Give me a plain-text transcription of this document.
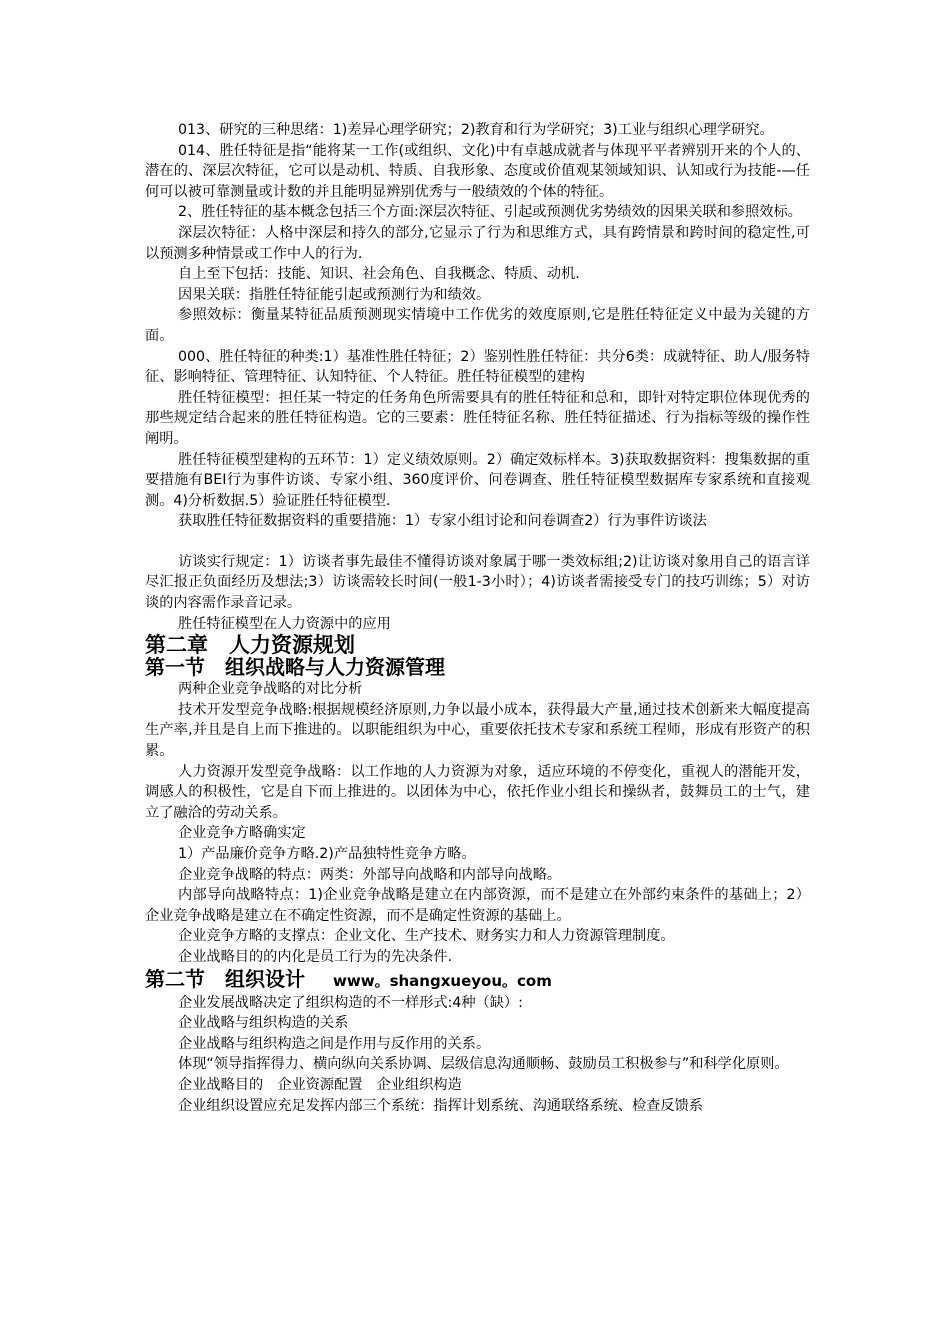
013、研究的三种思绪：1)差异心理学研究；2)教育和行为学研究；3)工业与组织心理学研究。

014、胜任特征是指“能将某一工作(或组织、文化)中有卓越成就者与体现平平者辨别开来的个人的、潜在的、深层次特征，它可以是动机、特质、自我形象、态度或价值观某领域知识、认知或行为技能-—任何可以被可靠测量或计数的并且能明显辨别优秀与一般绩效的个体的特征。

2、胜任特征的基本概念包括三个方面:深层次特征、引起或预测优劣势绩效的因果关联和参照效标。

深层次特征：人格中深层和持久的部分,它显示了行为和思维方式，具有跨情景和跨时间的稳定性,可以预测多种情景或工作中人的行为.

自上至下包括：技能、知识、社会角色、自我概念、特质、动机.

因果关联：指胜任特征能引起或预测行为和绩效。

参照效标：衡量某特征品质预测现实情境中工作优劣的效度原则,它是胜任特征定义中最为关键的方面。

000、胜任特征的种类:1）基准性胜任特征；2）鉴别性胜任特征：共分6类：成就特征、助人/服务特征、影响特征、管理特征、认知特征、个人特征。胜任特征模型的建构

胜任特征模型：担任某一特定的任务角色所需要具有的胜任特征和总和，即针对特定职位体现优秀的那些规定结合起来的胜任特征构造。它的三要素：胜任特征名称、胜任特征描述、行为指标等级的操作性阐明。

胜任特征模型建构的五环节：1）定义绩效原则。2）确定效标样本。3)获取数据资料：搜集数据的重要措施有BEI行为事件访谈、专家小组、360度评价、问卷调查、胜任特征模型数据库专家系统和直接观测。4)分析数据.5）验证胜任特征模型.

获取胜任特征数据资料的重要措施：1）专家小组讨论和问卷调查2）行为事件访谈法

访谈实行规定：1）访谈者事先最佳不懂得访谈对象属于哪一类效标组;2)让访谈对象用自己的语言详尽汇报正负面经历及想法;3）访谈需较长时间(一般1-3小时）；4)访谈者需接受专门的技巧训练；5）对访谈的内容需作录音记录。

胜任特征模型在人力资源中的应用

第二章　人力资源规划
第一节　组织战略与人力资源管理

两种企业竞争战略的对比分析

技术开发型竞争战略:根据规模经济原则,力争以最小成本，获得最大产量,通过技术创新来大幅度提高生产率,并且是自上而下推进的。以职能组织为中心，重要依托技术专家和系统工程师，形成有形资产的积累。

人力资源开发型竞争战略：以工作地的人力资源为对象，适应环境的不停变化，重视人的潜能开发，调感人的积极性，它是自下而上推进的。以团体为中心，依托作业小组长和操纵者，鼓舞员工的士气，建立了融洽的劳动关系。

企业竞争方略确实定

1）产品廉价竞争方略.2)产品独特性竞争方略。

企业竞争战略的特点：两类：外部导向战略和内部导向战略。

内部导向战略特点：1)企业竞争战略是建立在内部资源，而不是建立在外部约束条件的基础上；2）企业竞争战略是建立在不确定性资源，而不是确定性资源的基础上。

企业竞争方略的支撑点：企业文化、生产技术、财务实力和人力资源管理制度。

企业战略目的的内化是员工行为的先决条件.

第二节　组织设计 www。shangxueyou。com

企业发展战略决定了组织构造的不一样形式:4种（缺）:

企业战略与组织构造的关系

企业战略与组织构造之间是作用与反作用的关系。

体现“领导指挥得力、横向纵向关系协调、层级信息沟通顺畅、鼓励员工积极参与”和科学化原则。

企业战略目的　企业资源配置　企业组织构造

企业组织设置应充足发挥内部三个系统：指挥计划系统、沟通联络系统、检查反馈系
